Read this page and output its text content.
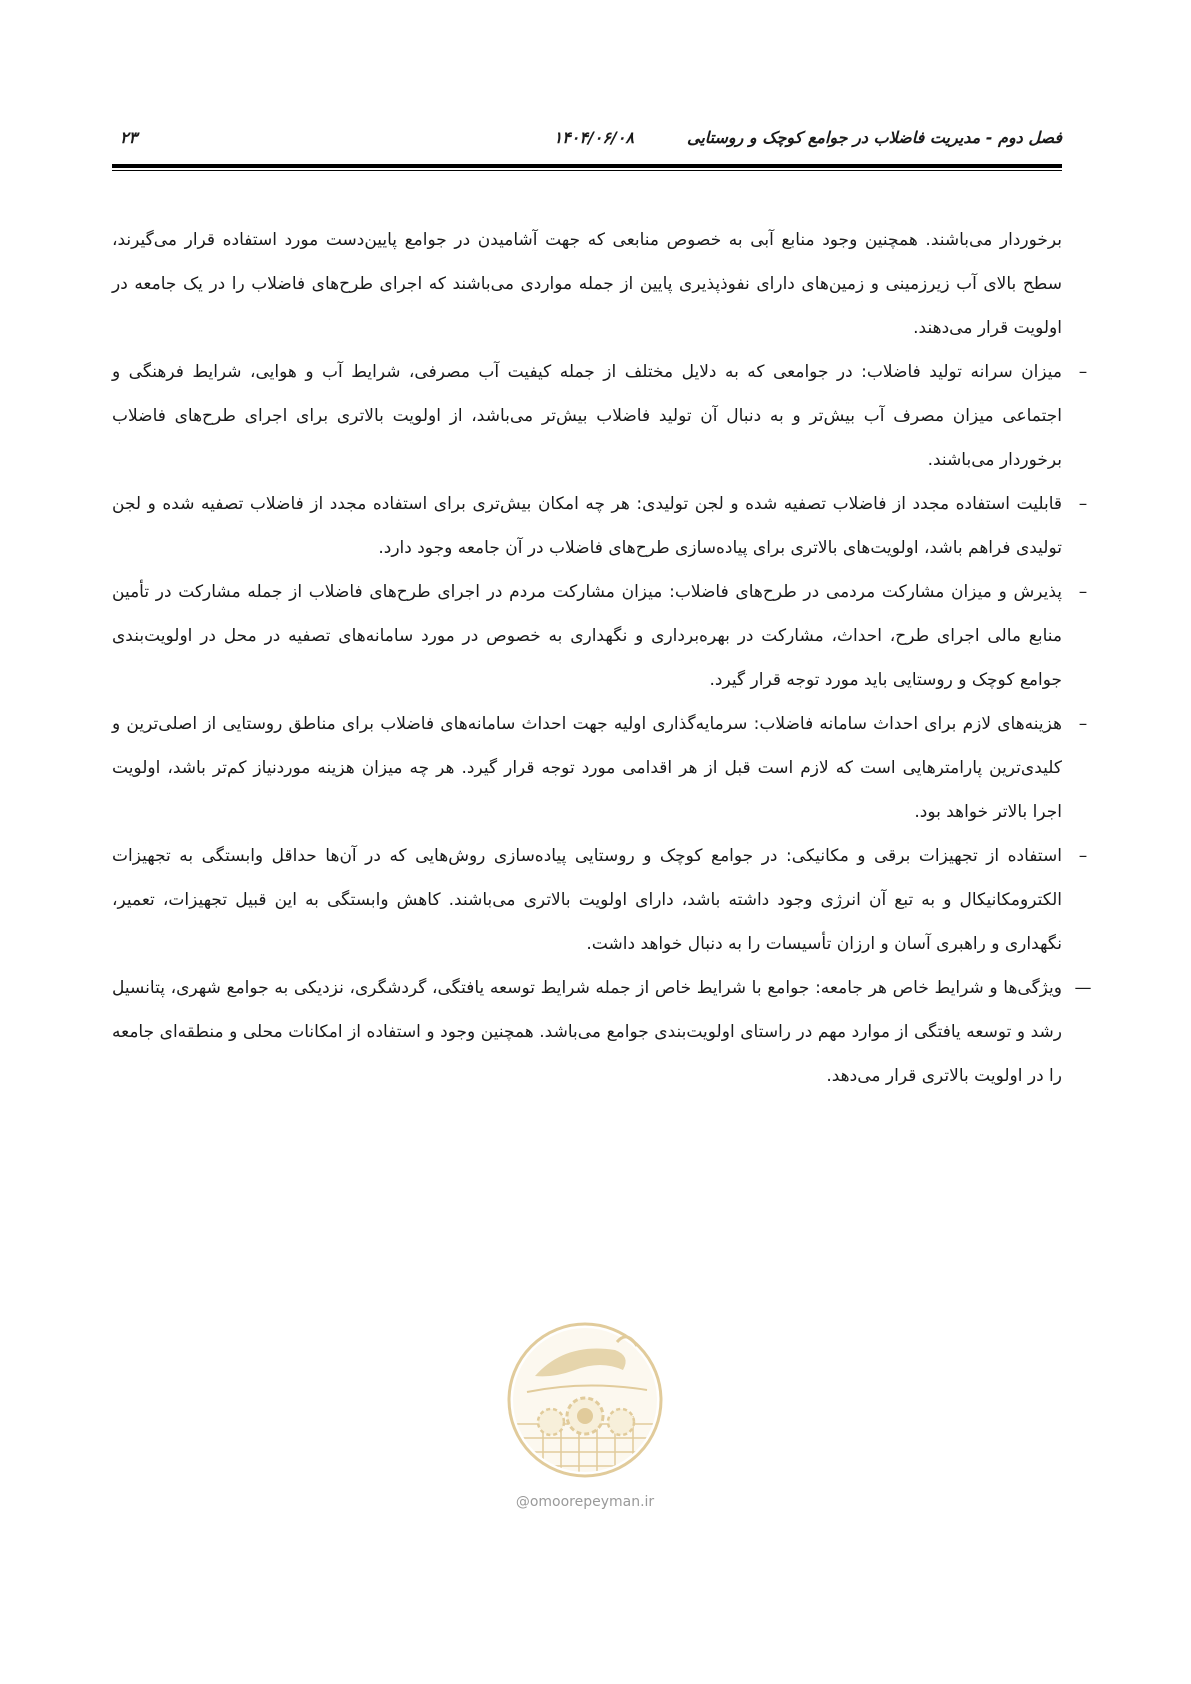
فصل دوم - مدیریت فاضلاب در جوامع کوچک و روستایی
۱۴۰۴/۰۶/۰۸
۲۳

برخوردار می‌باشند. همچنین وجود منابع آبی به خصوص منابعی که جهت آشامیدن در جوامع پایین‌دست مورد استفاده قرار می‌گیرند، سطح بالای آب زیرزمینی و زمین‌های دارای نفوذپذیری پایین از جمله مواردی می‌باشند که اجرای طرح‌های فاضلاب را در یک جامعه در اولویت قرار می‌دهند.

–
میزان سرانه تولید فاضلاب: در جوامعی که به دلایل مختلف از جمله کیفیت آب مصرفی، شرایط آب و هوایی، شرایط فرهنگی و اجتماعی میزان مصرف آب بیش‌تر و به دنبال آن تولید فاضلاب بیش‌تر می‌باشد، از اولویت بالاتری برای اجرای طرح‌های فاضلاب برخوردار می‌باشند.
–
قابلیت استفاده مجدد از فاضلاب تصفیه شده و لجن تولیدی: هر چه امکان بیش‌تری برای استفاده مجدد از فاضلاب تصفیه شده و لجن تولیدی فراهم باشد، اولویت‌های بالاتری برای پیاده‌سازی طرح‌های فاضلاب در آن جامعه وجود دارد.
–
پذیرش و میزان مشارکت مردمی در طرح‌های فاضلاب: میزان مشارکت مردم در اجرای طرح‌های فاضلاب از جمله مشارکت در تأمین منابع مالی اجرای طرح، احداث، مشارکت در بهره‌برداری و نگهداری به خصوص در مورد سامانه‌های تصفیه در محل در اولویت‌بندی جوامع کوچک و روستایی باید مورد توجه قرار گیرد.
–
هزینه‌های لازم برای احداث سامانه فاضلاب: سرمایه‌گذاری اولیه جهت احداث سامانه‌های فاضلاب برای مناطق روستایی از اصلی‌ترین و کلیدی‌ترین پارامترهایی است که لازم است قبل از هر اقدامی مورد توجه قرار گیرد. هر چه میزان هزینه موردنیاز کم‌تر باشد، اولویت اجرا بالاتر خواهد بود.
–
استفاده از تجهیزات برقی و مکانیکی: در جوامع کوچک و روستایی پیاده‌سازی روش‌هایی که در آن‌ها حداقل وابستگی به تجهیزات الکترومکانیکال و به تبع آن انرژی وجود داشته باشد، دارای اولویت بالاتری می‌باشند. کاهش وابستگی به این قبیل تجهیزات، تعمیر، نگهداری و راهبری آسان و ارزان تأسیسات را به دنبال خواهد داشت.
—
ویژگی‌ها و شرایط خاص هر جامعه: جوامع با شرایط خاص از جمله شرایط توسعه یافتگی، گردشگری، نزدیکی به جوامع شهری، پتانسیل رشد و توسعه یافتگی از موارد مهم در راستای اولویت‌بندی جوامع می‌باشد. همچنین وجود و استفاده از امکانات محلی و منطقه‌ای جامعه را در اولویت بالاتری قرار می‌دهد.
@omoorepeyman.ir
